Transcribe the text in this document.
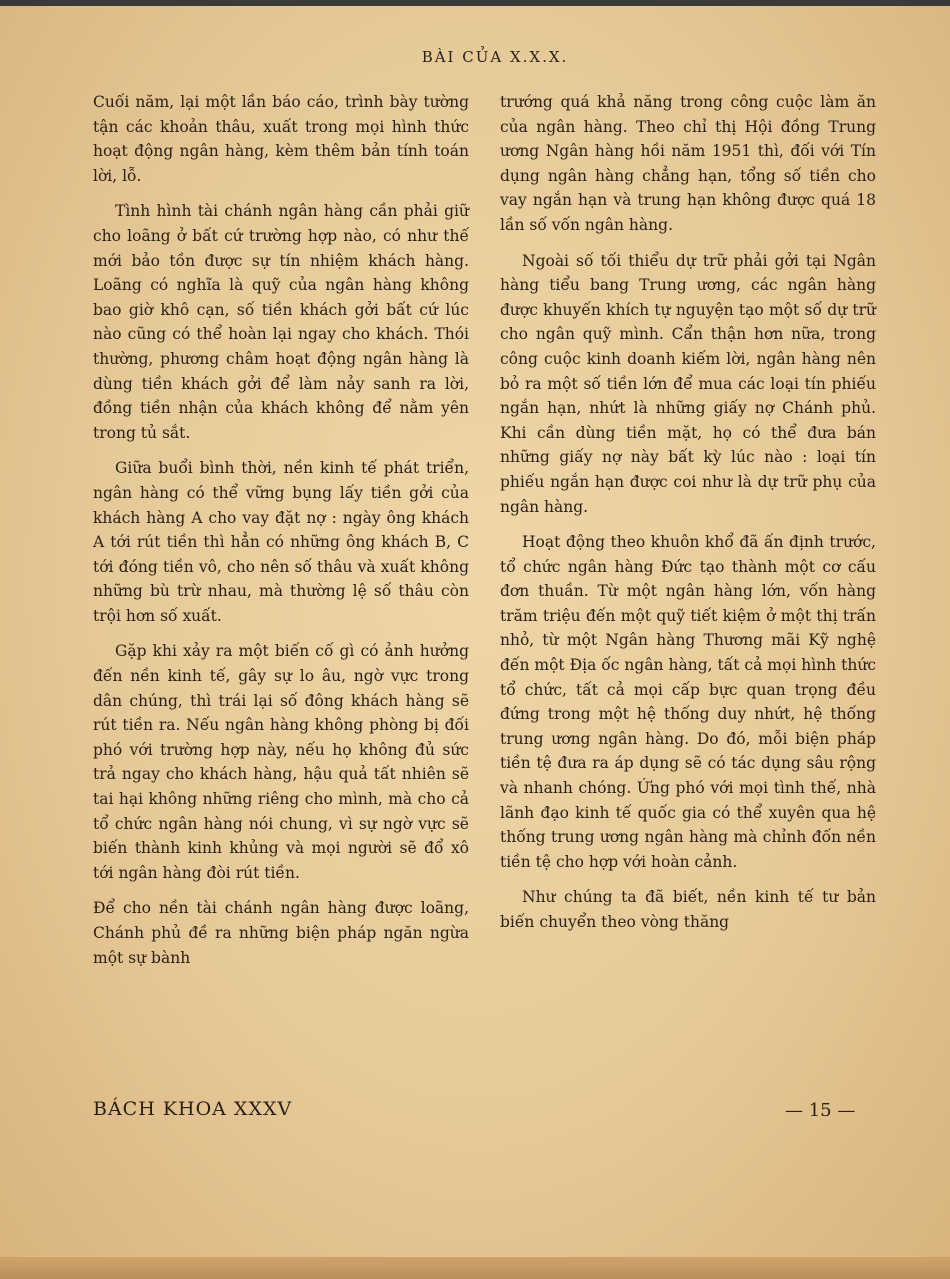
BÀI CỦA X.X.X.

Cuối năm, lại một lần báo cáo, trình bày tường tận các khoản thâu, xuất trong mọi hình thức hoạt động ngân hàng, kèm thêm bản tính toán lời, lỗ.

Tình hình tài chánh ngân hàng cần phải giữ cho loãng ở bất cứ trường hợp nào, có như thế mới bảo tồn được sự tín nhiệm khách hàng. Loãng có nghĩa là quỹ của ngân hàng không bao giờ khô cạn, số tiền khách gởi bất cứ lúc nào cũng có thể hoàn lại ngay cho khách. Thói thường, phương châm hoạt động ngân hàng là dùng tiền khách gởi để làm nảy sanh ra lời, đồng tiền nhận của khách không để nằm yên trong tủ sắt.

Giữa buổi bình thời, nền kinh tế phát triển, ngân hàng có thể vững bụng lấy tiền gởi của khách hàng A cho vay đặt nợ : ngày ông khách A tới rút tiền thì hẳn có những ông khách B, C tới đóng tiền vô, cho nên số thâu và xuất không những bù trừ nhau, mà thường lệ số thâu còn trội hơn số xuất.

Gặp khi xảy ra một biến cố gì có ảnh hưởng đến nền kinh tế, gây sự lo âu, ngờ vực trong dân chúng, thì trái lại số đông khách hàng sẽ rút tiền ra. Nếu ngân hàng không phòng bị đối phó với trường hợp này, nếu họ không đủ sức trả ngay cho khách hàng, hậu quả tất nhiên sẽ tai hại không những riêng cho mình, mà cho cả tổ chức ngân hàng nói chung, vì sự ngờ vực sẽ biến thành kinh khủng và mọi người sẽ đổ xô tới ngân hàng đòi rút tiền.

Để cho nền tài chánh ngân hàng được loãng, Chánh phủ đề ra những biện pháp ngăn ngừa một sự bành

trướng quá khả năng trong công cuộc làm ăn của ngân hàng. Theo chỉ thị Hội đồng Trung ương Ngân hàng hồi năm 1951 thì, đối với Tín dụng ngân hàng chẳng hạn, tổng số tiền cho vay ngắn hạn và trung hạn không được quá 18 lần số vốn ngân hàng.

Ngoài số tối thiểu dự trữ phải gởi tại Ngân hàng tiểu bang Trung ương, các ngân hàng được khuyến khích tự nguyện tạo một số dự trữ cho ngân quỹ mình. Cẩn thận hơn nữa, trong công cuộc kinh doanh kiếm lời, ngân hàng nên bỏ ra một số tiền lớn để mua các loại tín phiếu ngắn hạn, nhứt là những giấy nợ Chánh phủ. Khi cần dùng tiền mặt, họ có thể đưa bán những giấy nợ này bất kỳ lúc nào : loại tín phiếu ngắn hạn được coi như là dự trữ phụ của ngân hàng.

Hoạt động theo khuôn khổ đã ấn định trước, tổ chức ngân hàng Đức tạo thành một cơ cấu đơn thuần. Từ một ngân hàng lớn, vốn hàng trăm triệu đến một quỹ tiết kiệm ở một thị trấn nhỏ, từ một Ngân hàng Thương mãi Kỹ nghệ đến một Địa ốc ngân hàng, tất cả mọi hình thức tổ chức, tất cả mọi cấp bực quan trọng đều đứng trong một hệ thống duy nhứt, hệ thống trung ương ngân hàng. Do đó, mỗi biện pháp tiền tệ đưa ra áp dụng sẽ có tác dụng sâu rộng và nhanh chóng. Ứng phó với mọi tình thế, nhà lãnh đạo kinh tế quốc gia có thể xuyên qua hệ thống trung ương ngân hàng mà chỉnh đốn nền tiền tệ cho hợp với hoàn cảnh.

Như chúng ta đã biết, nền kinh tế tư bản biến chuyển theo vòng thăng

BÁCH KHOA XXXV	— 15 —
